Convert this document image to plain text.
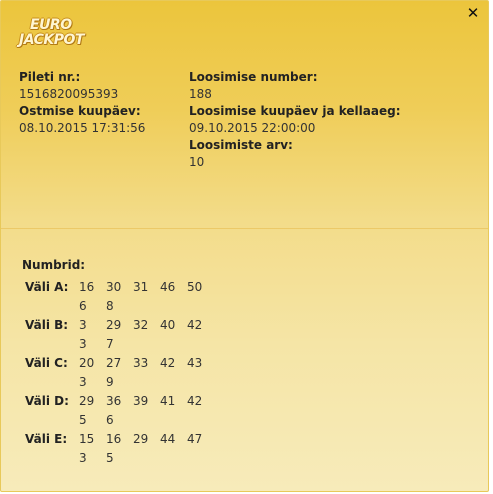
✕
EURO
JACKPOT
Pileti nr.:
1516820095393
Ostmise kuupäev:
08.10.2015 17:31:56
Loosimise number:
188
Loosimise kuupäev ja kellaaeg:
09.10.2015 22:00:00
Loosimiste arv:
10
Numbrid:
Väli A: 16 30 31 46 50
6	8
Väli B: 3	29 32 40 42
3	7
Väli C: 20 27 33 42 43
3	9
Väli D: 29 36 39 41 42
5	6
Väli E: 15 16 29 44 47
3	5
